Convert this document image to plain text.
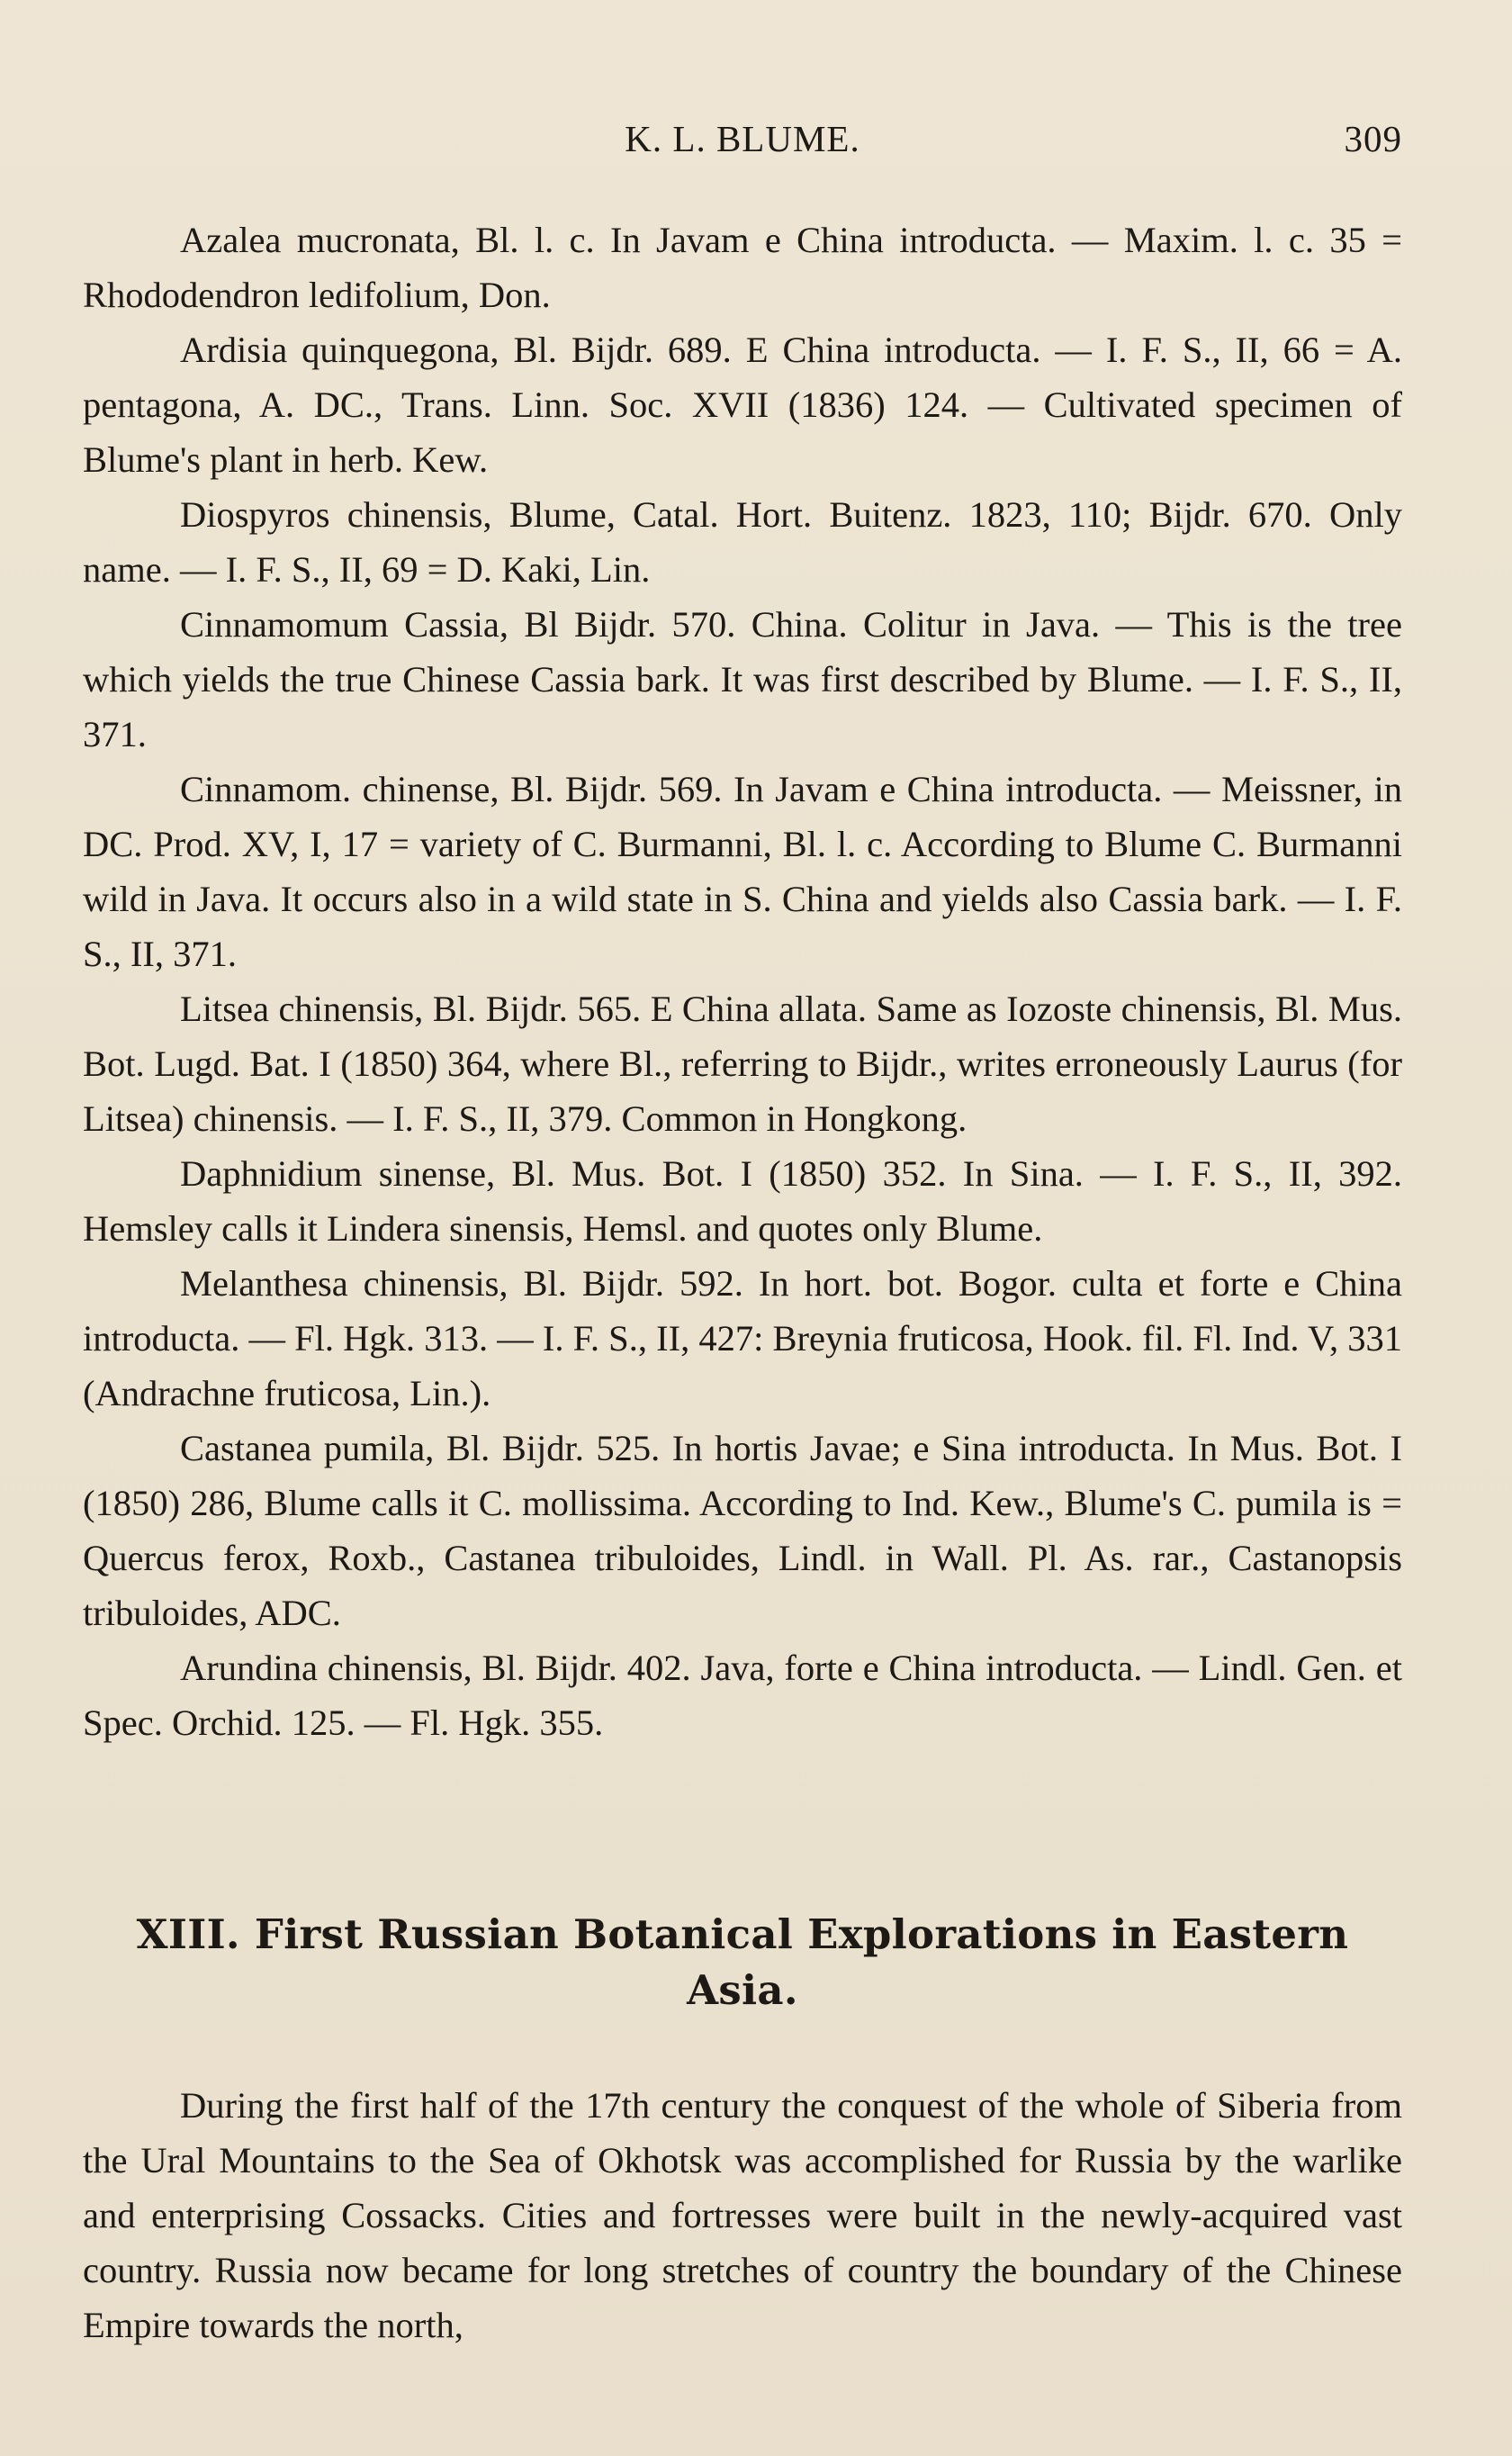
K. L. BLUME.	309

Azalea mucronata, Bl. l. c. In Javam e China introducta. — Maxim. l. c. 35 = Rhododendron ledifolium, Don.

Ardisia quinquegona, Bl. Bijdr. 689. E China introducta. — I. F. S., II, 66 = A. pentagona, A. DC., Trans. Linn. Soc. XVII (1836) 124. — Cultivated specimen of Blume's plant in herb. Kew.

Diospyros chinensis, Blume, Catal. Hort. Buitenz. 1823, 110; Bijdr. 670. Only name. — I. F. S., II, 69 = D. Kaki, Lin.

Cinnamomum Cassia, Bl Bijdr. 570. China. Colitur in Java. — This is the tree which yields the true Chinese Cassia bark. It was first described by Blume. — I. F. S., II, 371.

Cinnamom. chinense, Bl. Bijdr. 569. In Javam e China introducta. — Meissner, in DC. Prod. XV, I, 17 = variety of C. Burmanni, Bl. l. c. According to Blume C. Burmanni wild in Java. It occurs also in a wild state in S. China and yields also Cassia bark. — I. F. S., II, 371.

Litsea chinensis, Bl. Bijdr. 565. E China allata. Same as Iozoste chinensis, Bl. Mus. Bot. Lugd. Bat. I (1850) 364, where Bl., referring to Bijdr., writes erroneously Laurus (for Litsea) chinensis. — I. F. S., II, 379. Common in Hongkong.

Daphnidium sinense, Bl. Mus. Bot. I (1850) 352. In Sina. — I. F. S., II, 392. Hemsley calls it Lindera sinensis, Hemsl. and quotes only Blume.

Melanthesa chinensis, Bl. Bijdr. 592. In hort. bot. Bogor. culta et forte e China introducta. — Fl. Hgk. 313. — I. F. S., II, 427: Breynia fruticosa, Hook. fil. Fl. Ind. V, 331 (Andrachne fruticosa, Lin.).

Castanea pumila, Bl. Bijdr. 525. In hortis Javae; e Sina introducta. In Mus. Bot. I (1850) 286, Blume calls it C. mollissima. According to Ind. Kew., Blume's C. pumila is = Quercus ferox, Roxb., Castanea tribuloides, Lindl. in Wall. Pl. As. rar., Castanopsis tribuloides, ADC.

Arundina chinensis, Bl. Bijdr. 402. Java, forte e China introducta. — Lindl. Gen. et Spec. Orchid. 125. — Fl. Hgk. 355.

XIII. First Russian Botanical Explorations in Eastern Asia.

During the first half of the 17th century the conquest of the whole of Siberia from the Ural Mountains to the Sea of Okhotsk was accomplished for Russia by the warlike and enterprising Cossacks. Cities and fortresses were built in the newly-acquired vast country. Russia now became for long stretches of country the boundary of the Chinese Empire towards the north,
